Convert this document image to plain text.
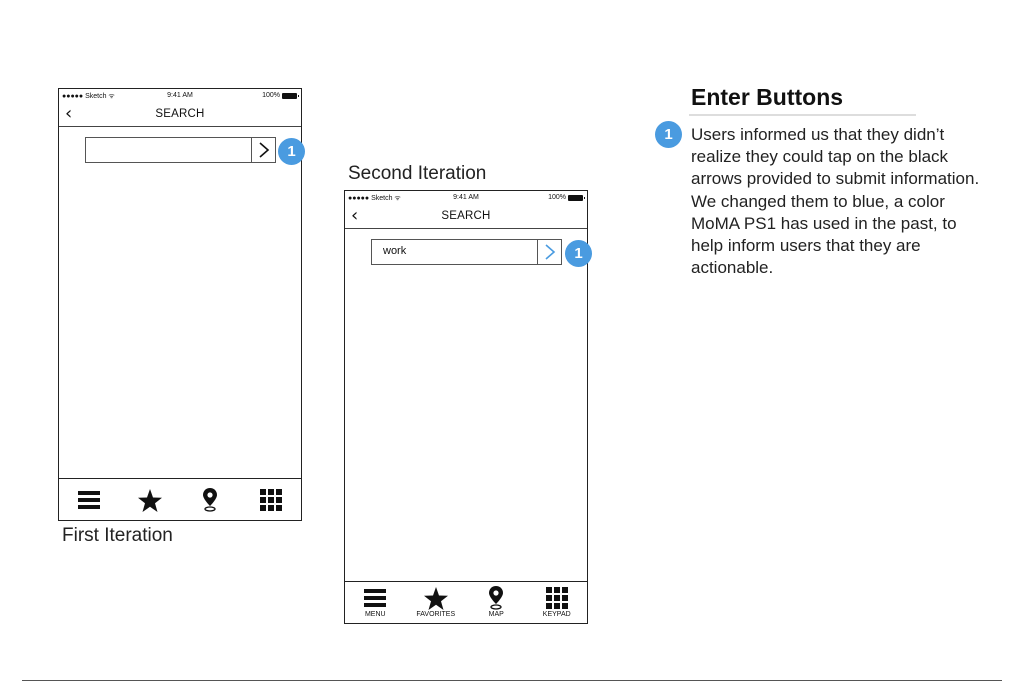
●●●●● Sketch ᯤ	9:41 AM	100%
‹	SEARCH
1
First Iteration
Second Iteration
●●●●● Sketch ᯤ	9:41 AM	100%
‹	SEARCH
work
MENU	FAVORITES	MAP	KEYPAD
1
Enter Buttons
1	Users informed us that they didn’t realize they could tap on the black arrows provided to submit information. We changed them to blue, a color MoMA PS1 has used in the past, to help inform users that they are actionable.
